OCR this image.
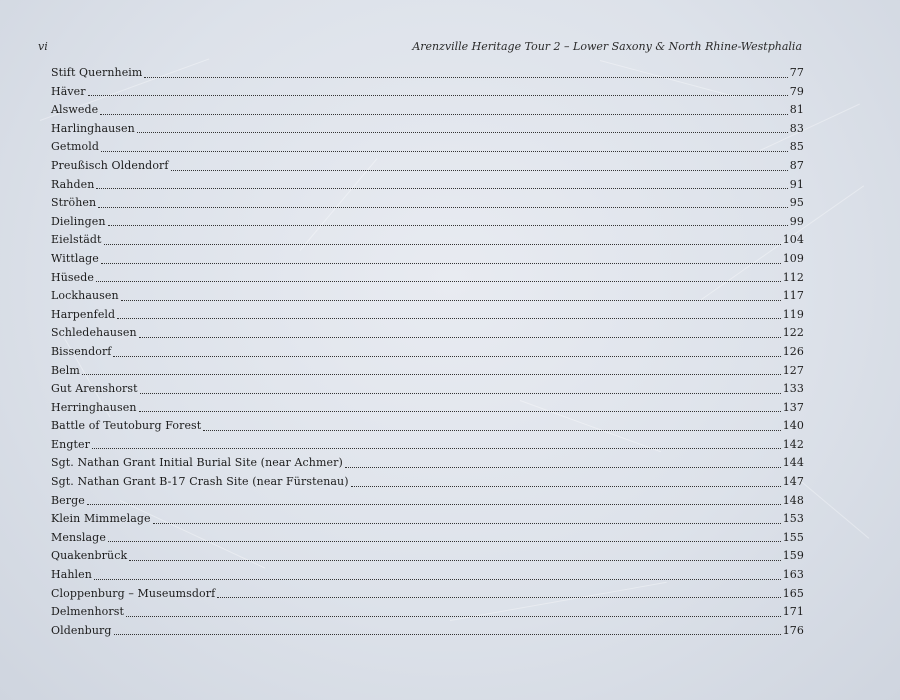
vi	Arenzville Heritage Tour 2 – Lower Saxony & North Rhine-Westphalia
Stift Quernheim	77
Häver	79
Alswede	81
Harlinghausen	83
Getmold	85
Preußisch Oldendorf	87
Rahden	91
Ströhen	95
Dielingen	99
Eielstädt	104
Wittlage	109
Hüsede	112
Lockhausen	117
Harpenfeld	119
Schledehausen	122
Bissendorf	126
Belm	127
Gut Arenshorst	133
Herringhausen	137
Battle of Teutoburg Forest	140
Engter	142
Sgt. Nathan Grant Initial Burial Site (near Achmer)	144
Sgt. Nathan Grant B-17 Crash Site (near Fürstenau)	147
Berge	148
Klein Mimmelage	153
Menslage	155
Quakenbrück	159
Hahlen	163
Cloppenburg – Museumsdorf	165
Delmenhorst	171
Oldenburg	176
